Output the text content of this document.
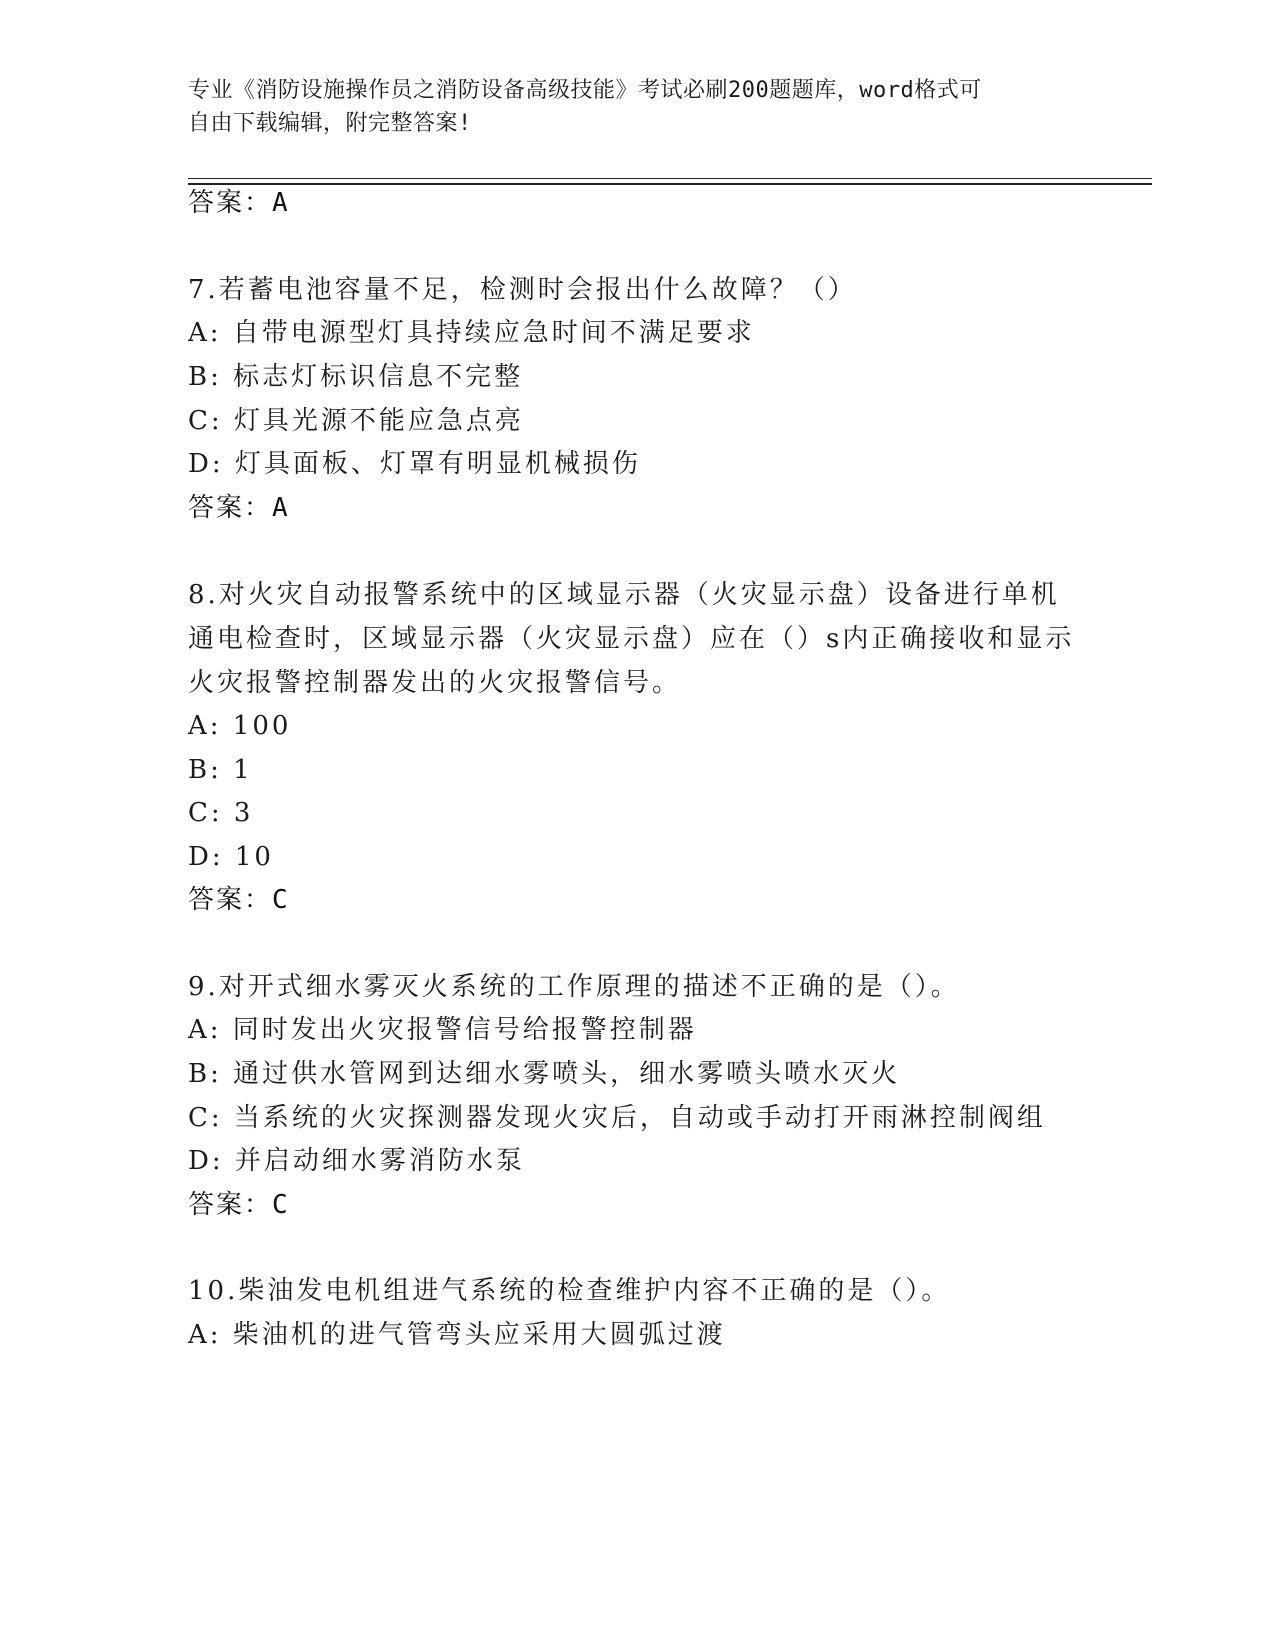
专业《消防设施操作员之消防设备高级技能》考试必刷200题题库，word格式可
自由下载编辑，附完整答案!
答案：A
7.若蓄电池容量不足，检测时会报出什么故障？（）
A: 自带电源型灯具持续应急时间不满足要求
B: 标志灯标识信息不完整
C: 灯具光源不能应急点亮
D: 灯具面板、灯罩有明显机械损伤
答案：A
8.对火灾自动报警系统中的区域显示器（火灾显示盘）设备进行单机
通电检查时，区域显示器（火灾显示盘）应在（）s内正确接收和显示
火灾报警控制器发出的火灾报警信号。
A: 100
B: 1
C: 3
D: 10
答案：C
9.对开式细水雾灭火系统的工作原理的描述不正确的是（）。
A: 同时发出火灾报警信号给报警控制器
B: 通过供水管网到达细水雾喷头，细水雾喷头喷水灭火
C: 当系统的火灾探测器发现火灾后，自动或手动打开雨淋控制阀组
D: 并启动细水雾消防水泵
答案：C
10.柴油发电机组进气系统的检查维护内容不正确的是（）。
A: 柴油机的进气管弯头应采用大圆弧过渡
